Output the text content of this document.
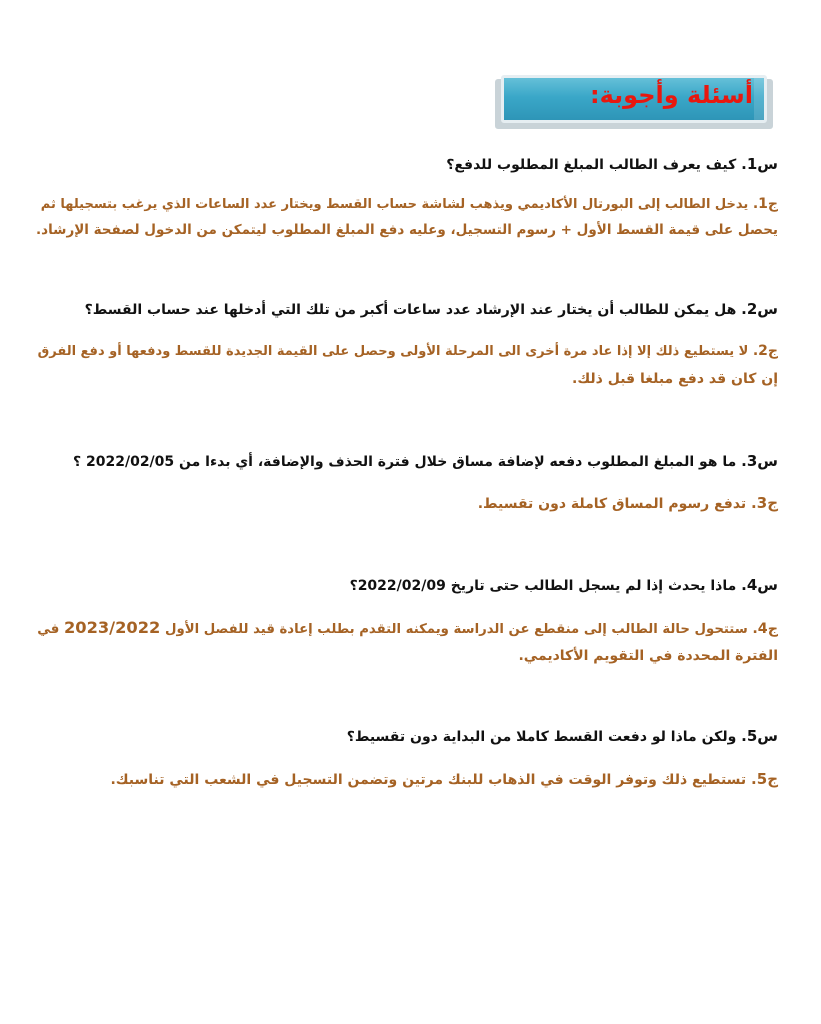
أسئلة وأجوبة:
س1. كيف يعرف الطالب المبلغ المطلوب للدفع؟
ج1. يدخل الطالب إلى البورتال الأكاديمي ويذهب لشاشة حساب القسط ويختار عدد الساعات الذي يرغب بتسجيلها ثم
يحصل على قيمة القسط الأول + رسوم التسجيل، وعليه دفع المبلغ المطلوب ليتمكن من الدخول لصفحة الإرشاد.
س2. هل يمكن للطالب أن يختار عند الإرشاد عدد ساعات أكبر من تلك التي أدخلها عند حساب القسط؟
ج2. لا يستطيع ذلك إلا إذا عاد مرة أخرى الى المرحلة الأولى وحصل على القيمة الجديدة للقسط ودفعها أو دفع الفرق
إن كان قد دفع مبلغا قبل ذلك.
س3. ما هو المبلغ المطلوب دفعه لإضافة مساق خلال فترة الحذف والإضافة، أي بدءا من 2022/02/05 ؟
ج3. تدفع رسوم المساق كاملة دون تقسيط.
س4. ماذا يحدث إذا لم يسجل الطالب حتى تاريخ 2022/02/09؟
ج4. ستتحول حالة الطالب إلى منقطع عن الدراسة ويمكنه التقدم بطلب إعادة قيد للفصل الأول 2023/2022 في
الفترة المحددة في التقويم الأكاديمي.
س5. ولكن ماذا لو دفعت القسط كاملا من البداية دون تقسيط؟
ج5. تستطيع ذلك وتوفر الوقت في الذهاب للبنك مرتين وتضمن التسجيل في الشعب التي تناسبك.
